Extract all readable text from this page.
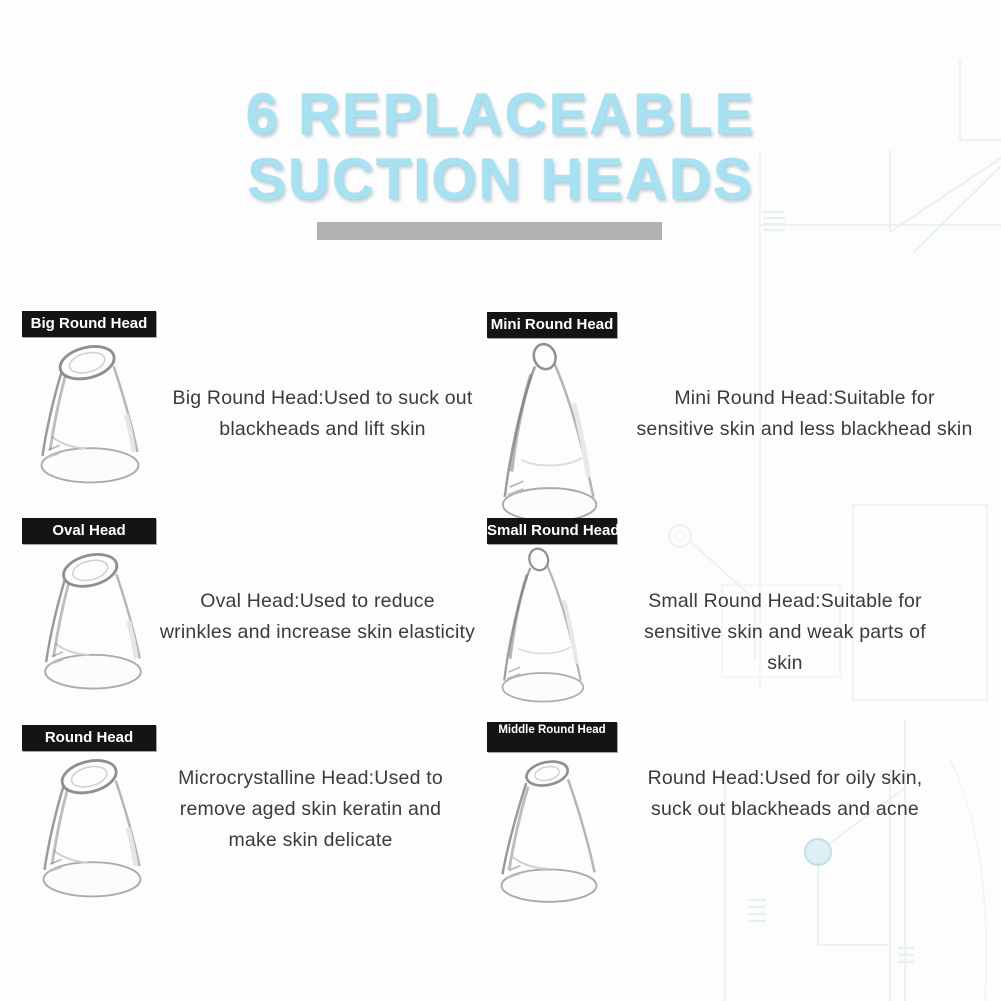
6 REPLACEABLE
SUCTION HEADS
Big Round Head
Big Round Head:Used to suck out
blackheads and lift skin
Mini Round Head
Mini Round Head:Suitable for
sensitive skin and less blackhead skin
Oval Head
Oval Head:Used to reduce
wrinkles and increase skin elasticity
Small Round Head
Small Round Head:Suitable for
sensitive skin and weak parts of
skin
Round Head
Microcrystalline Head:Used to
remove aged skin keratin and
make skin delicate
Middle Round Head
Round Head:Used for oily skin,
suck out blackheads and acne
